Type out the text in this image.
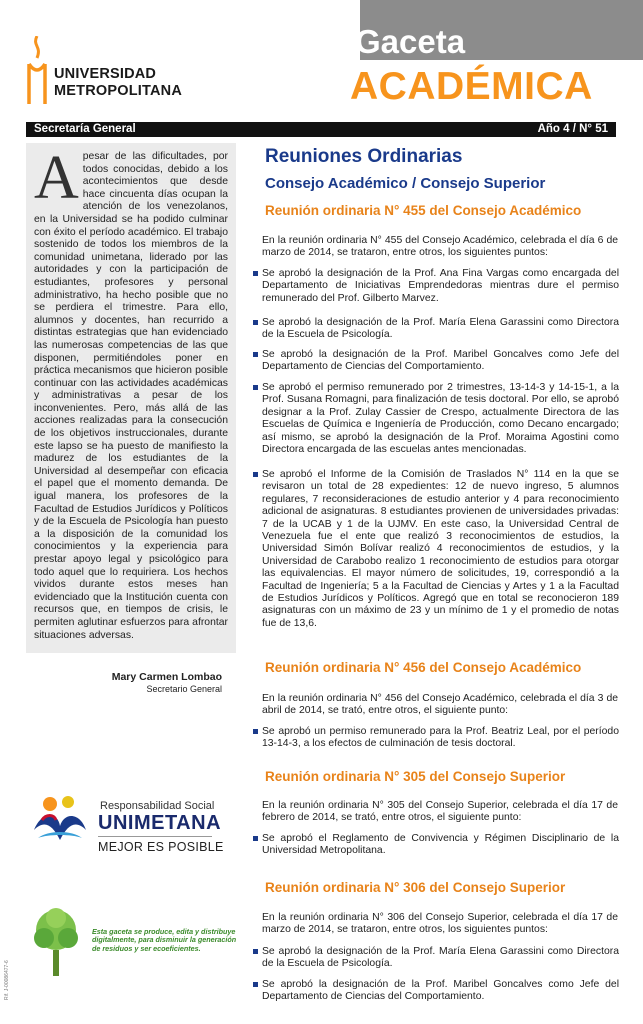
UNIVERSIDAD
METROPOLITANA
Gaceta
ACADÉMICA
Secretaría General	Año 4 / N° 51
A pesar de las dificultades, por todos conocidas, debido a los acontecimientos que desde hace cincuenta días ocupan la atención de los venezolanos, en la Universidad se ha podido culminar con éxito el período académico. El trabajo sostenido de todos los miembros de la comunidad unimetana, liderado por las autoridades y con la participación de estudiantes, profesores y personal administrativo, ha hecho posible que no se perdiera el trimestre. Para ello, alumnos y docentes, han recurrido a distintas estrategias que han evidenciado las numerosas competencias de las que disponen, permitiéndoles poner en práctica mecanismos que hicieron posible continuar con las actividades académicas y administrativas a pesar de los inconvenientes. Pero, más allá de las acciones realizadas para la consecución de los objetivos instruccionales, durante este lapso se ha puesto de manifiesto la madurez de los estudiantes de la Universidad al desempeñar con eficacia el papel que el momento demanda. De igual manera, los profesores de la Facultad de Estudios Jurídicos y Políticos y de la Escuela de Psicología han puesto a la disposición de la comunidad los conocimientos y la experiencia para prestar apoyo legal y psicológico para todo aquel que lo requiriera. Los hechos vividos durante estos meses han evidenciado que la Institución cuenta con recursos que, en tiempos de crisis, le permiten aglutinar esfuerzos para afrontar situaciones adversas.

Mary Carmen Lombao
Secretario General
Responsabilidad Social
UNIMETANA
MEJOR ES POSIBLE
Rif. J-00086477-6
Esta gaceta se produce, edita y distribuye digitalmente, para disminuir la generación de residuos y ser ecoeficientes.
Reuniones Ordinarias
Consejo Académico / Consejo Superior
Reunión ordinaria N° 455 del Consejo Académico

En la reunión ordinaria N° 455 del Consejo Académico, celebrada el día 6 de marzo de 2014, se trataron, entre otros, los siguientes puntos:

Se aprobó la designación de la Prof. Ana Fina Vargas como encargada del Departamento de Iniciativas Emprendedoras mientras dure el permiso remunerado del Prof. Gilberto Marvez.
Se aprobó la designación de la Prof. María Elena Garassini como Directora de la Escuela de Psicología.
Se aprobó la designación de la Prof. Maribel Goncalves como Jefe del Departamento de Ciencias del Comportamiento.
Se aprobó el permiso remunerado por 2 trimestres, 13-14-3 y 14-15-1, a la Prof. Susana Romagni, para finalización de tesis doctoral. Por ello, se aprobó designar a la Prof. Zulay Cassier de Crespo, actualmente Directora de las Escuelas de Química e Ingeniería de Producción, como Decano encargado; así mismo, se aprobó la designación de la Prof. Moraima Agostini como Directora encargada de las escuelas antes mencionadas.
Se aprobó el Informe de la Comisión de Traslados N° 114 en la que se revisaron un total de 28 expedientes: 12 de nuevo ingreso, 5 alumnos regulares, 7 reconsideraciones de estudio anterior y 4 para reconocimiento adicional de asignaturas. 8 estudiantes provienen de universidades privadas: 7 de la UCAB y 1 de la UJMV. En este caso, la Universidad Central de Venezuela fue el ente que realizó 3 reconocimientos de estudios, la Universidad Simón Bolívar realizó 4 reconocimientos de estudios, y la Universidad de Carabobo realizo 1 reconocimiento de estudios para otorgar las equivalencias. El mayor número de solicitudes, 19, correspondió a la Facultad de Ingeniería; 5 a la Facultad de Ciencias y Artes y 1 a la Facultad de Estudios Jurídicos y Políticos. Agregó que en total se reconocieron 189 asignaturas con un máximo de 23 y un mínimo de 1 y el promedio de notas fue de 13,6.
Reunión ordinaria N° 456 del Consejo Académico

En la reunión ordinaria N° 456 del Consejo Académico, celebrada el día 3 de abril de 2014, se trató, entre otros, el siguiente punto:

Se aprobó un permiso remunerado para la Prof. Beatriz Leal, por el período 13-14-3, a los efectos de culminación de tesis doctoral.
Reunión ordinaria N° 305 del Consejo Superior

En la reunión ordinaria N° 305 del Consejo Superior, celebrada el día 17 de febrero de 2014, se trató, entre otros, el siguiente punto:

Se aprobó el Reglamento de Convivencia y Régimen Disciplinario de la Universidad Metropolitana.
Reunión ordinaria N° 306 del Consejo Superior

En la reunión ordinaria N° 306 del Consejo Superior, celebrada el día 17 de marzo de 2014, se trataron, entre otros, los siguientes puntos:

Se aprobó la designación de la Prof. María Elena Garassini como Directora de la Escuela de Psicología.
Se aprobó la designación de la Prof. Maribel Goncalves como Jefe del Departamento de Ciencias del Comportamiento.
